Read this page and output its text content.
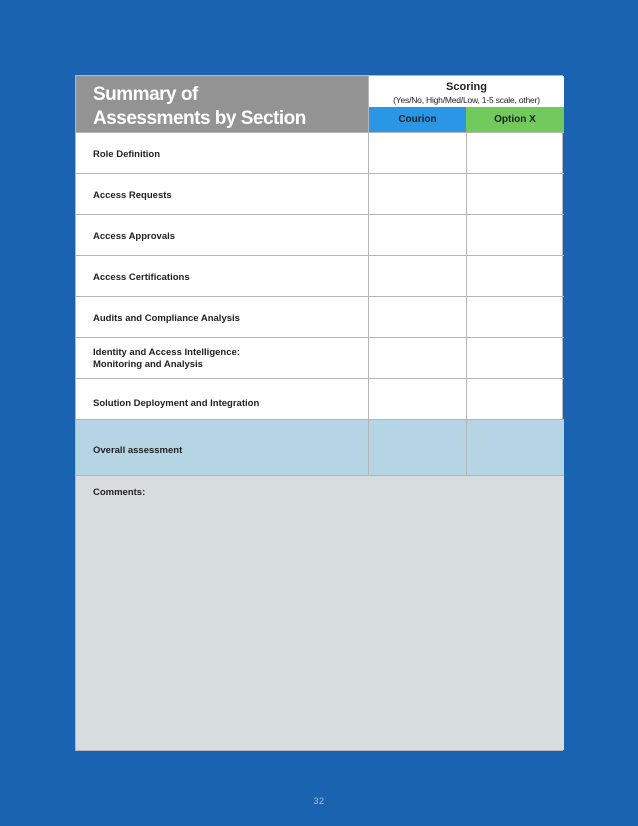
Summary of
Assessments by Section
Scoring
(Yes/No, High/Med/Low, 1-5 scale, other)
Courion	Option X
Role Definition
Access Requests
Access Approvals
Access Certifications
Audits and Compliance Analysis
Identity and Access Intelligence:
Monitoring and Analysis
Solution Deployment and Integration
Overall assessment
Comments:
32
